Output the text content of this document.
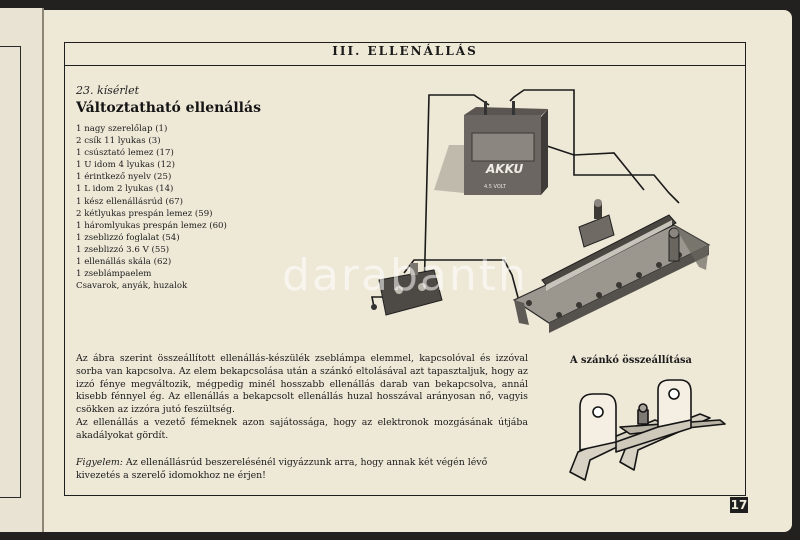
III. ELLENÁLLÁS
23. kísérlet
Változtatható ellenállás
1 nagy szerelőlap (1)
2 csík 11 lyukas (3)
1 csúsztató lemez (17)
1 U idom 4 lyukas (12)
1 érintkező nyelv (25)
1 L idom 2 lyukas (14)
1 kész ellenállásrúd (67)
2 kétlyukas prespán lemez (59)
1 háromlyukas prespán lemez (60)
1 zseblizzó foglalat (54)
1 zseblizzó 3.6 V (55)
1 ellenállás skála (62)
1 zseblámpaelem
Csavarok, anyák, huzalok
AKKU
4.5 VOLT

Az ábra szerint összeállított ellenállás-készülék zseblámpa elemmel, kapcsolóval és izzóval sorba van kapcsolva. Az elem bekapcsolása után a szánkó eltolásával azt tapasztaljuk, hogy az izzó fénye megváltozik, mégpedig minél hosszabb ellenállás darab van bekapcsolva, annál kisebb fénnyel ég. Az ellenállás a bekapcsolt ellenállás huzal hosszával arányosan nő, vagyis csökken az izzóra jutó feszültség.

Az ellenállás a vezető fémeknek azon sajátossága, hogy az elektronok mozgásának útjába akadályokat gördít.

Figyelem: Az ellenállásrúd beszerelésénél vigyázzunk arra, hogy annak két végén lévő kivezetés a szerelő idomokhoz ne érjen!
A szánkó összeállítása
17
darabanth
